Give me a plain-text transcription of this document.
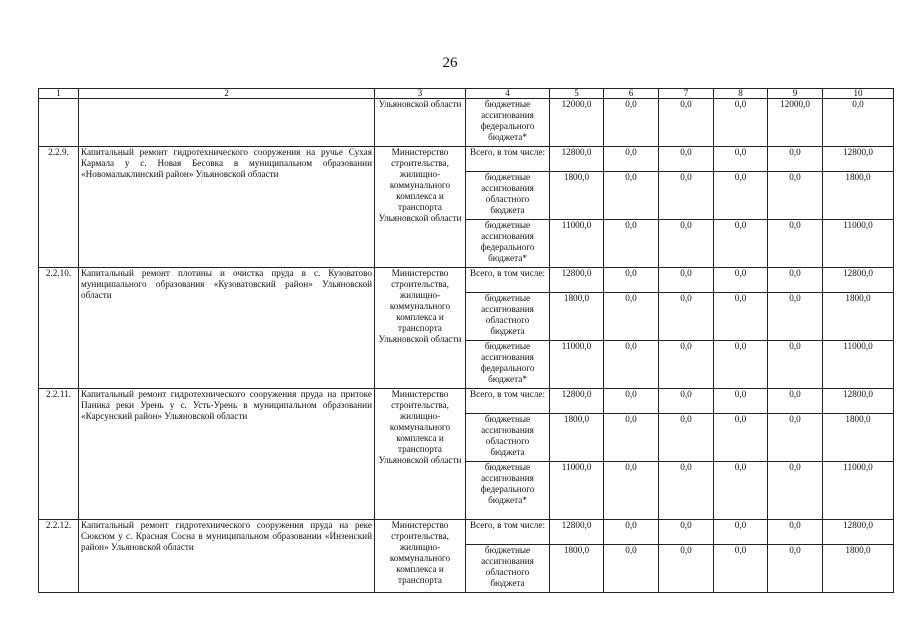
26
1	2	3	4	5	6	7	8	9	10
		Ульяновской области	бюджетные ассигнования федерального бюджета*	12000,0	0,0	0,0	0,0	12000,0	0,0
2.2.9.	Капитальный ремонт гидротехнического сооружения на ручье Сухая Кармала у с. Новая Бесовка в муниципальном образовании «Новомалыклинский район» Ульяновской области	Министерство строительства, жилищно-коммунального комплекса и транспорта Ульяновской области	Всего, в том числе:	12800,0	0,0	0,0	0,0	0,0	12800,0
			бюджетные ассигнования областного бюджета	1800,0	0,0	0,0	0,0	0,0	1800,0
			бюджетные ассигнования федерального бюджета*	11000,0	0,0	0,0	0,0	0,0	11000,0
2.2.10.	Капитальный ремонт плотины и очистка пруда в с. Кузоватово муниципального образования «Кузоватовский район» Ульяновской области	Министерство строительства, жилищно-коммунального комплекса и транспорта Ульяновской области	Всего, в том числе:	12800,0	0,0	0,0	0,0	0,0	12800,0
			бюджетные ассигнования областного бюджета	1800,0	0,0	0,0	0,0	0,0	1800,0
			бюджетные ассигнования федерального бюджета*	11000,0	0,0	0,0	0,0	0,0	11000,0
2.2.11.	Капитальный ремонт гидротехнического сооружения пруда на притоке Паника реки Урень у с. Усть-Урень в муниципальном образовании «Карсунский район» Ульяновской области	Министерство строительства, жилищно-коммунального комплекса и транспорта Ульяновской области	Всего, в том числе:	12800,0	0,0	0,0	0,0	0,0	12800,0
			бюджетные ассигнования областного бюджета	1800,0	0,0	0,0	0,0	0,0	1800,0
			бюджетные ассигнования федерального бюджета*	11000,0	0,0	0,0	0,0	0,0	11000,0
2.2.12.	Капитальный ремонт гидротехнического сооружения пруда на реке Сюксюм у с. Красная Сосна в муниципальном образовании «Инзенский район» Ульяновской области	Министерство строительства, жилищно-коммунального комплекса и транспорта	Всего, в том числе:	12800,0	0,0	0,0	0,0	0,0	12800,0
			бюджетные ассигнования областного бюджета	1800,0	0,0	0,0	0,0	0,0	1800,0
